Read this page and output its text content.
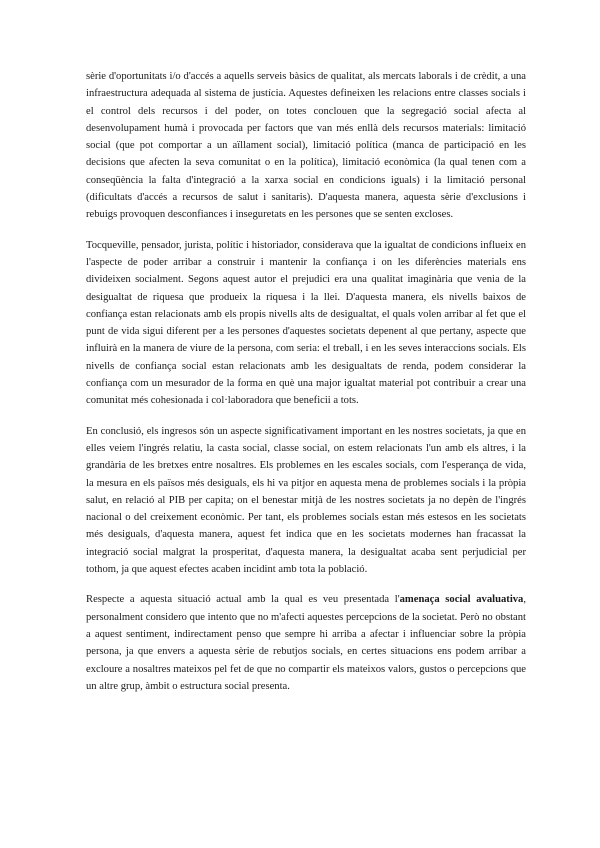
sèrie d'oportunitats i/o d'accés a aquells serveis bàsics de qualitat, als mercats laborals i de crèdit, a una infraestructura adequada al sistema de justícia. Aquestes defineixen les relacions entre classes socials i el control dels recursos i del poder, on totes conclouen que la segregació social afecta al desenvolupament humà i provocada per factors que van més enllà dels recursos materials: limitació social (que pot comportar a un aïllament social), limitació política (manca de participació en les decisions que afecten la seva comunitat o en la política), limitació econòmica (la qual tenen com a conseqüència la falta d'integració a la xarxa social en condicions iguals) i la limitació personal (dificultats d'accés a recursos de salut i sanitaris). D'aquesta manera, aquesta sèrie d'exclusions i rebuigs provoquen desconfiances i inseguretats en les persones que se senten excloses.

Tocqueville, pensador, jurista, polític i historiador, considerava que la igualtat de condicions influeix en l'aspecte de poder arribar a construir i mantenir la confiança i on les diferències materials ens divideixen socialment. Segons aquest autor el prejudici era una qualitat imaginària que venia de la desigualtat de riquesa que produeix la riquesa i la llei. D'aquesta manera, els nivells baixos de confiança estan relacionats amb els propis nivells alts de desigualtat, el quals volen arribar al fet que el punt de vida sigui diferent per a les persones d'aquestes societats depenent al que pertany, aspecte que influirà en la manera de viure de la persona, com seria: el treball, i en les seves interaccions socials. Els nivells de confiança social estan relacionats amb les desigualtats de renda, podem considerar la confiança com un mesurador de la forma en què una major igualtat material pot contribuir a crear una comunitat més cohesionada i col·laboradora que beneficii a tots.

En conclusió, els ingresos són un aspecte significativament important en les nostres societats, ja que en elles veiem l'ingrés relatiu, la casta social, classe social, on estem relacionats l'un amb els altres, i la grandària de les bretxes entre nosaltres. Els problemes en les escales socials, com l'esperança de vida, la mesura en els països més desiguals, els hi va pitjor en aquesta mena de problemes socials i la pròpia salut, en relació al PIB per capita; on el benestar mitjà de les nostres societats ja no depèn de l'ingrés nacional o del creixement econòmic. Per tant, els problemes socials estan més estesos en les societats més desiguals, d'aquesta manera, aquest fet indica que en les societats modernes han fracassat la integració social malgrat la prosperitat, d'aquesta manera, la desigualtat acaba sent perjudicial per tothom, ja que aquest efectes acaben incidint amb tota la població.

Respecte a aquesta situació actual amb la qual es veu presentada l'amenaça social avaluativa, personalment considero que intento que no m'afecti aquestes percepcions de la societat. Però no obstant a aquest sentiment, indirectament penso que sempre hi arriba a afectar i influenciar sobre la pròpia persona, ja que envers a aquesta sèrie de rebutjos socials, en certes situacions ens podem arribar a excloure a nosaltres mateixos pel fet de que no compartir els mateixos valors, gustos o percepcions que un altre grup, àmbit o estructura social presenta.
